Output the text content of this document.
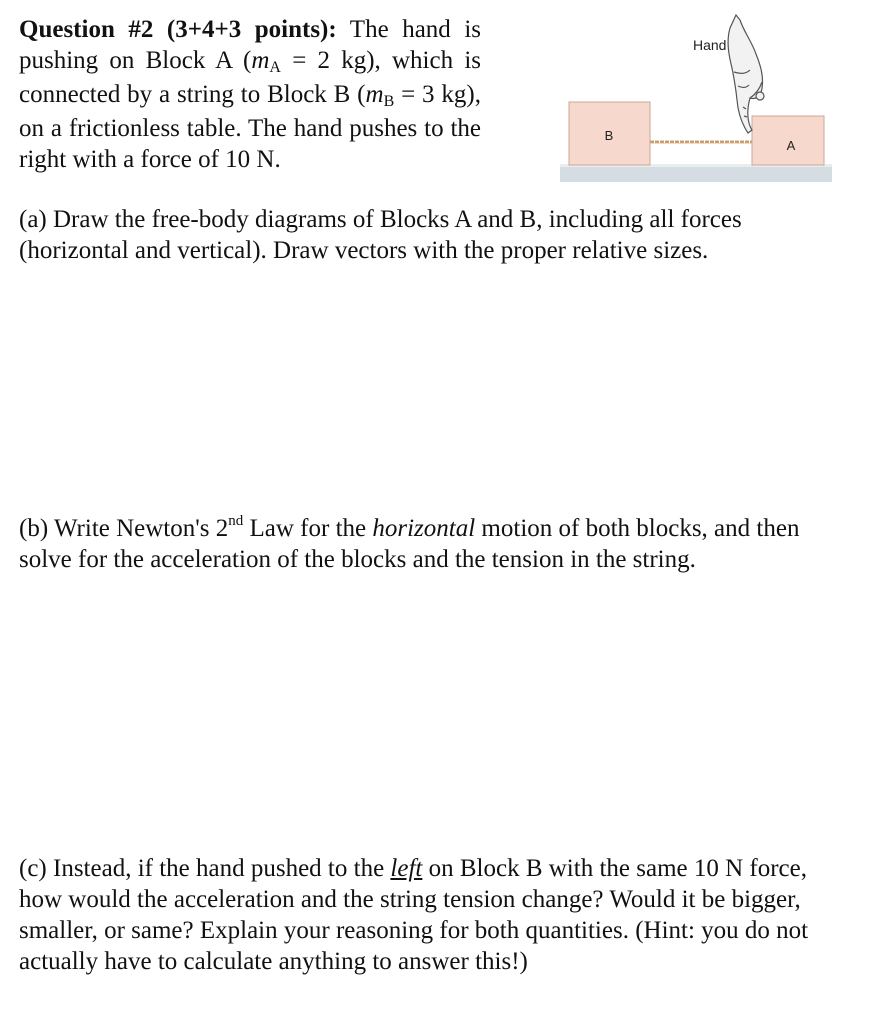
Question #2 (3+4+3 points): The hand is pushing on Block A (mA = 2 kg), which is connected by a string to Block B (mB = 3 kg), on a frictionless table. The hand pushes to the right with a force of 10 N.
B
A
Hand
(a) Draw the free-body diagrams of Blocks A and B, including all forces (horizontal and vertical). Draw vectors with the proper relative sizes.
(b) Write Newton's 2nd Law for the horizontal motion of both blocks, and then solve for the acceleration of the blocks and the tension in the string.
(c) Instead, if the hand pushed to the left on Block B with the same 10 N force, how would the acceleration and the string tension change? Would it be bigger, smaller, or same? Explain your reasoning for both quantities. (Hint: you do not actually have to calculate anything to answer this!)
